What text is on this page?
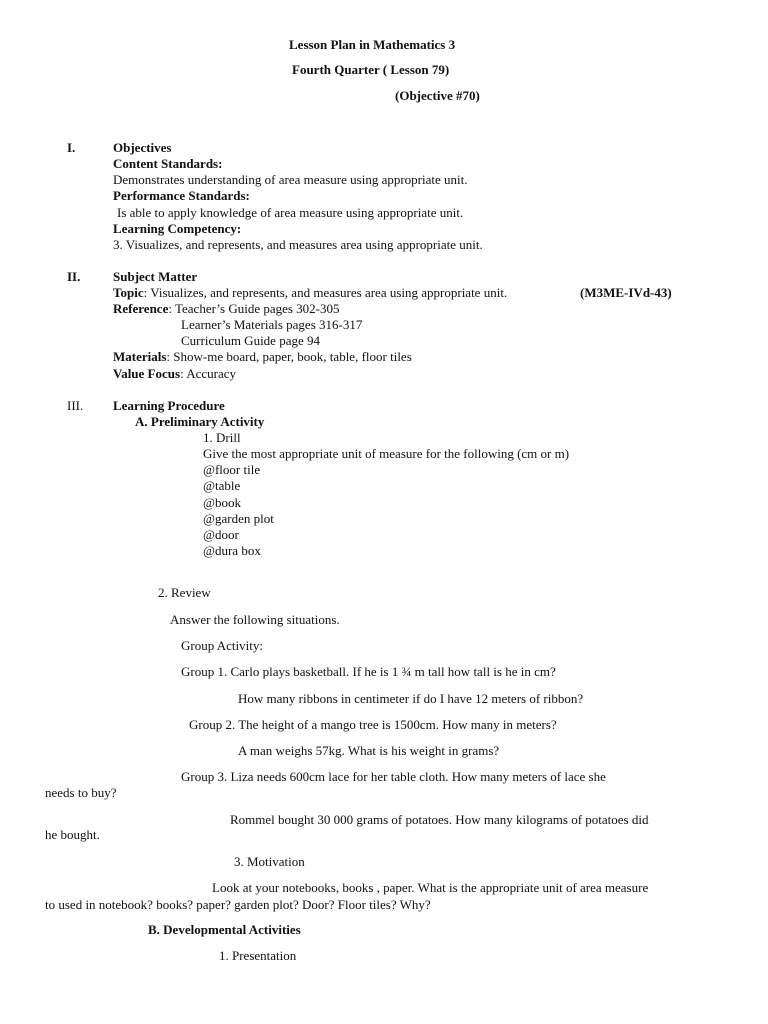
Lesson Plan in Mathematics 3
Fourth Quarter ( Lesson 79)
(Objective #70)
I.	Objectives
Content Standards:
Demonstrates understanding of area measure using appropriate unit.
Performance Standards:
Is able to apply knowledge of area measure using appropriate unit.
Learning Competency:
3. Visualizes, and represents, and measures area using appropriate unit.
II.	Subject Matter
Topic: Visualizes, and represents, and measures area using appropriate unit.	(M3ME-IVd-43)
Reference: Teacher’s Guide pages 302-305
Learner’s Materials pages 316-317
Curriculum Guide page 94
Materials: Show-me board, paper, book, table, floor tiles
Value Focus: Accuracy
III. Learning Procedure
A. Preliminary Activity
1. Drill
Give the most appropriate unit of measure for the following (cm or m)
@floor tile
@table
@book
@garden plot
@door
@dura box
2. Review
Answer the following situations.
Group Activity:
Group 1. Carlo plays basketball. If he is 1 ¾ m tall how tall is he in cm?
How many ribbons in centimeter if do I have 12 meters of ribbon?
Group 2. The height of a mango tree is 1500cm. How many in meters?
A man weighs 57kg. What is his weight in grams?
Group 3. Liza needs 600cm lace for her table cloth. How many meters of lace she
needs to buy?
Rommel bought 30 000 grams of potatoes. How many kilograms of potatoes did
he bought.
3. Motivation
Look at your notebooks, books , paper. What is the appropriate unit of area measure
to used in notebook? books? paper? garden plot? Door? Floor tiles? Why?
B. Developmental Activities
1. Presentation
